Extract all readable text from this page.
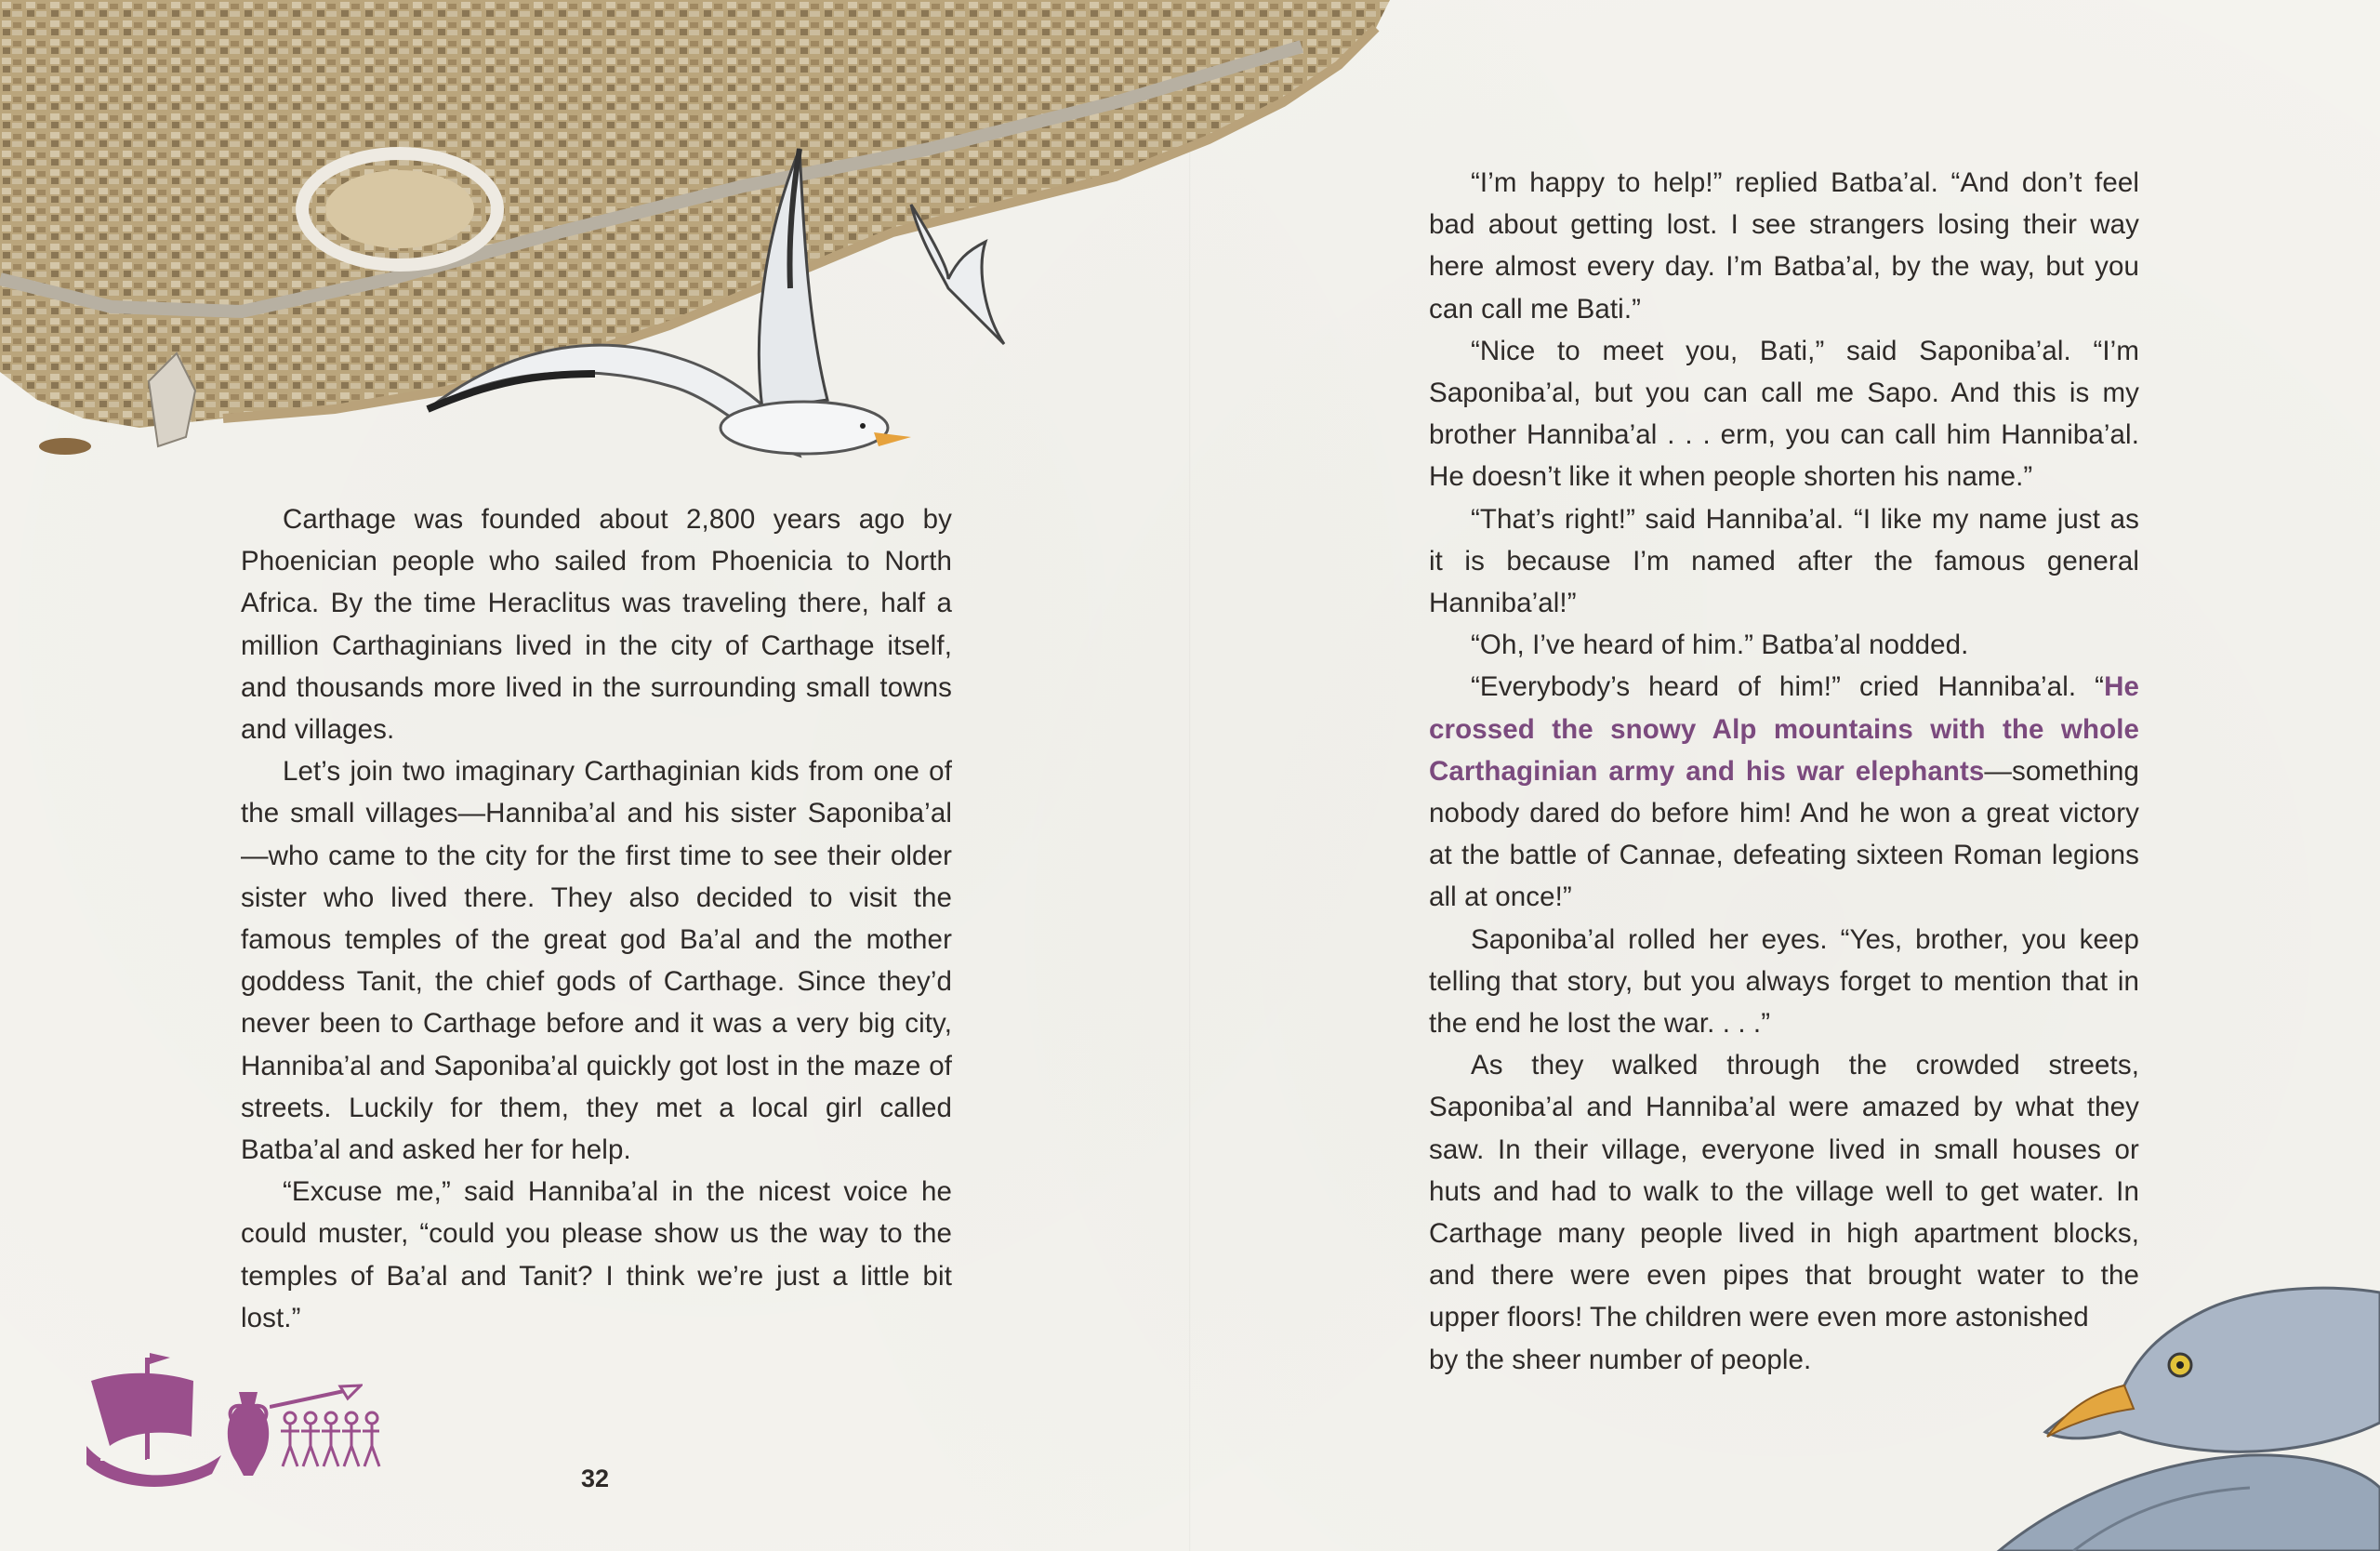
Carthage was founded about 2,800 years ago by Phoenician people who sailed from Phoenicia to North Africa. By the time Heraclitus was traveling there, half a million Carthaginians lived in the city of Carthage itself, and thousands more lived in the surrounding small towns and villages.

Let’s join two imaginary Carthaginian kids from one of the small villages—Hanniba’al and his sister Saponiba’al—who came to the city for the first time to see their older sister who lived there. They also decided to visit the famous temples of the great god Ba’al and the mother goddess Tanit, the chief gods of Carthage. Since they’d never been to Carthage before and it was a very big city, Hanniba’al and Saponiba’al quickly got lost in the maze of streets. Luckily for them, they met a local girl called Batba’al and asked her for help.

“Excuse me,” said Hanniba’al in the nicest voice he could muster, “could you please show us the way to the temples of Ba’al and Tanit? I think we’re just a little bit lost.”

“I’m happy to help!” replied Batba’al. “And don’t feel bad about getting lost. I see strangers losing their way here almost every day. I’m Batba’al, by the way, but you can call me Bati.”

“Nice to meet you, Bati,” said Saponiba’al. “I’m Saponiba’al, but you can call me Sapo. And this is my brother Hanniba’al . . . erm, you can call him Hanniba’al. He doesn’t like it when people shorten his name.”

“That’s right!” said Hanniba’al. “I like my name just as it is because I’m named after the famous general Hanniba’al!”

“Oh, I’ve heard of him.” Batba’al nodded.

“Everybody’s heard of him!” cried Hanniba’al. “He crossed the snowy Alp mountains with the whole Carthaginian army and his war elephants—something nobody dared do before him! And he won a great victory at the battle of Cannae, defeating sixteen Roman legions all at once!”

Saponiba’al rolled her eyes. “Yes, brother, you keep telling that story, but you always forget to mention that in the end he lost the war. . . .”

As they walked through the crowded streets, Saponiba’al and Hanniba’al were amazed by what they saw. In their village, everyone lived in small houses or huts and had to walk to the village well to get water. In Carthage many people lived in high apartment blocks, and there were even pipes that brought water to the upper floors! The children were even more astonished

by the sheer number of people.

32
